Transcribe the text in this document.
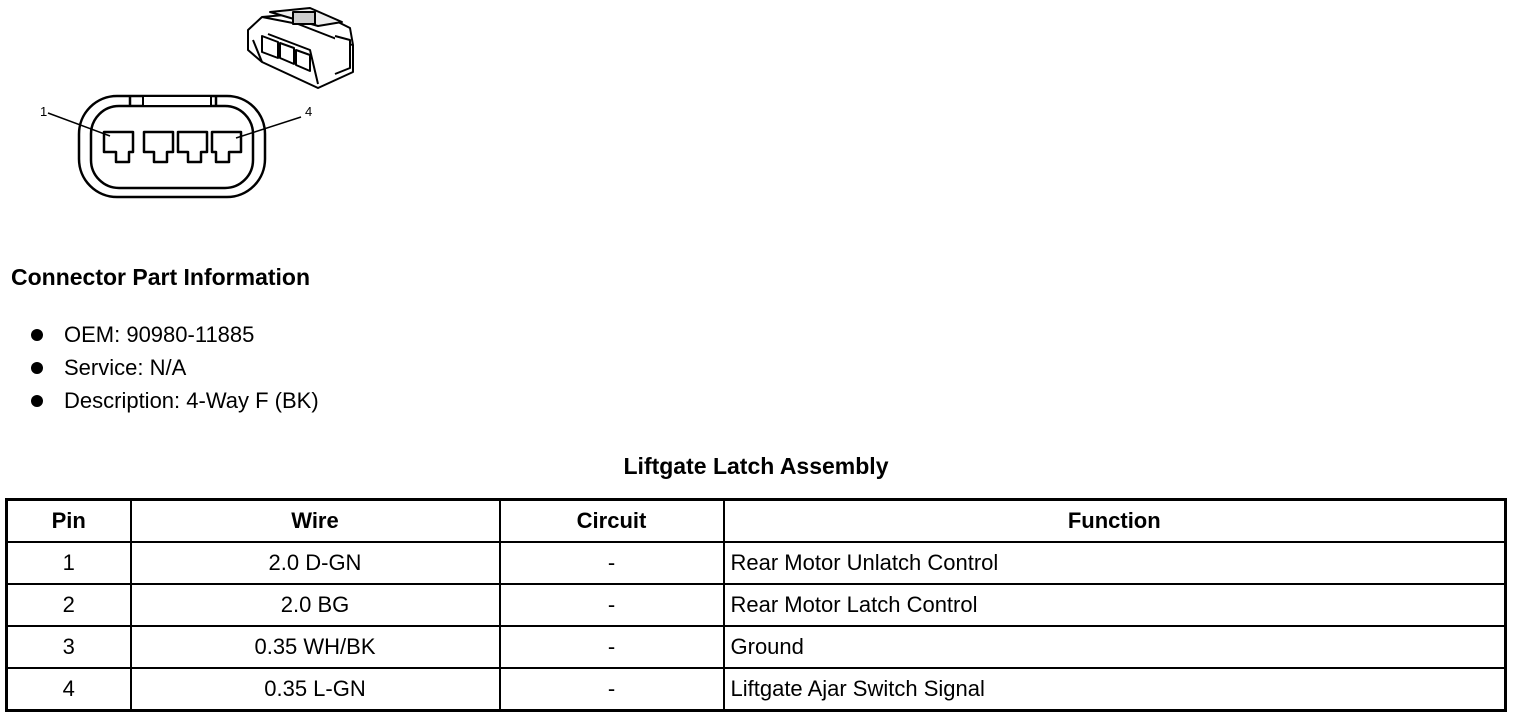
1	4
Connector Part Information
OEM: 90980-11885
Service: N/A
Description: 4-Way F (BK)
Liftgate Latch Assembly
Pin	Wire	Circuit	Function
1	2.0 D-GN	-	Rear Motor Unlatch Control
2	2.0 BG	-	Rear Motor Latch Control
3	0.35 WH/BK	-	Ground
4	0.35 L-GN	-	Liftgate Ajar Switch Signal
